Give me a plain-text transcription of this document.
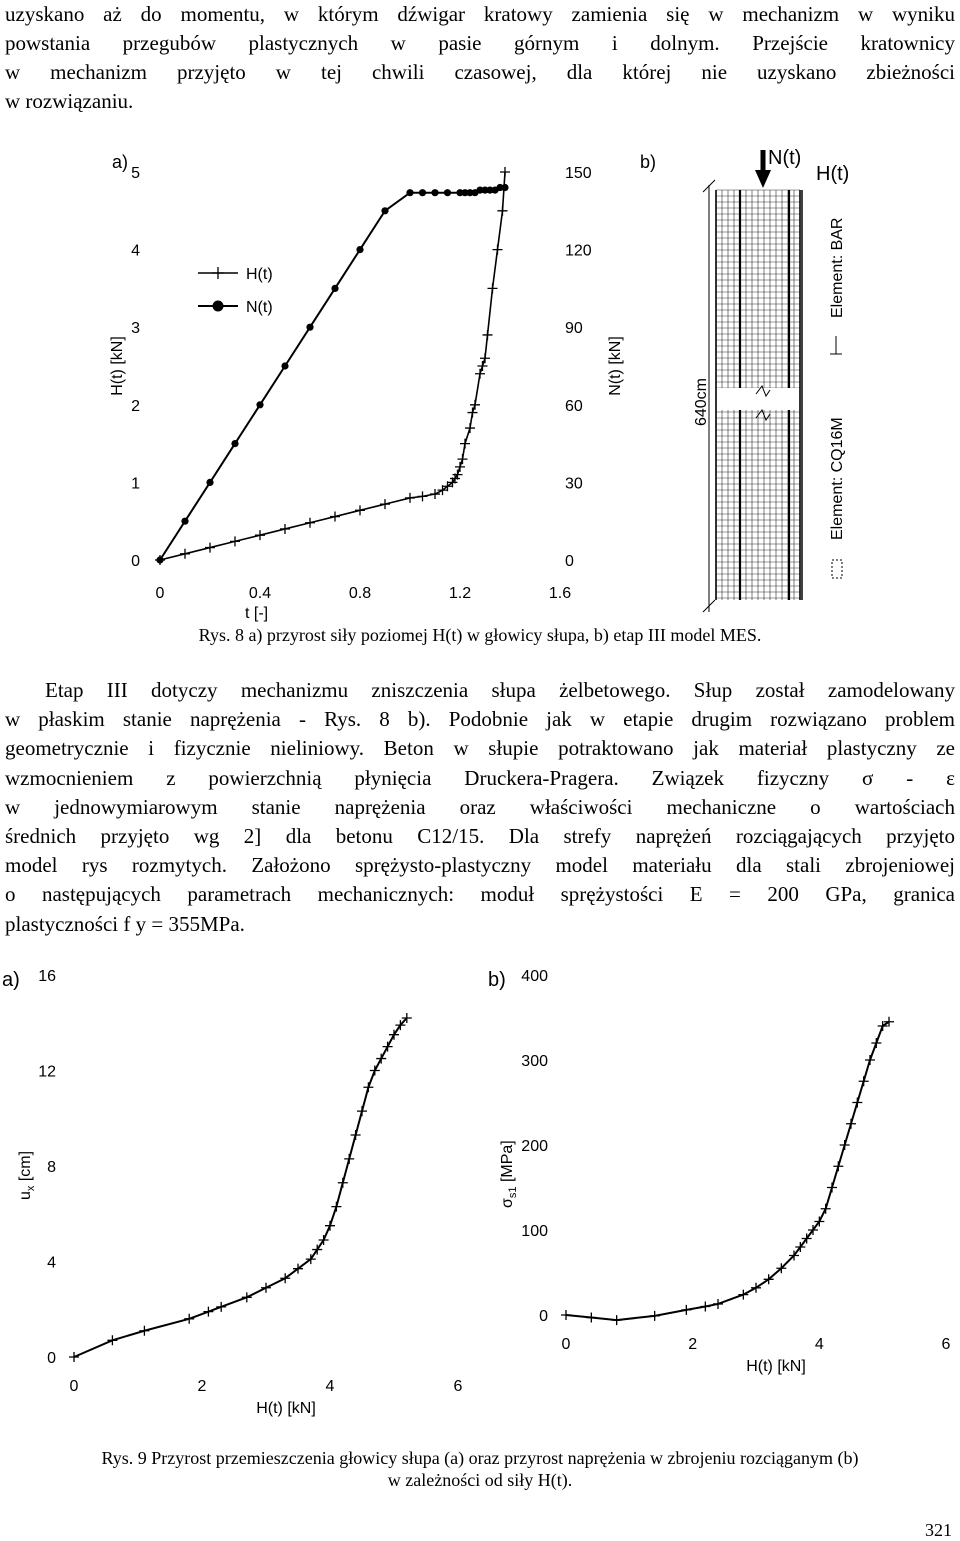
uzyskano aż do momentu, w którym dźwigar kratowy zamienia się w mechanizm w wyniku
powstania przegubów plastycznych w pasie górnym i dolnym. Przejście kratownicy
w mechanizm przyjęto w tej chwili czasowej, dla której nie uzyskano zbieżności
w rozwiązaniu.
a)
0
1
2
3
4
5
0
30
60
90
120
150
0	0.4	0.8	1.2	1.6
t [-]
H(t) [kN]	N(t) [kN]
H(t)
N(t)
b)
640cm
N(t)
H(t)
Element: BAR
Element: CQ16M
Rys. 8 a) przyrost siły poziomej H(t) w głowicy słupa, b) etap III model MES.
Etap III dotyczy mechanizmu zniszczenia słupa żelbetowego. Słup został zamodelowany
w płaskim stanie naprężenia - Rys. 8 b). Podobnie jak w etapie drugim rozwiązano problem
geometrycznie i fizycznie nieliniowy. Beton w słupie potraktowano jak materiał plastyczny ze
wzmocnieniem z powierzchnią płynięcia Druckera-Pragera. Związek fizyczny σ - ε
w jednowymiarowym stanie naprężenia oraz właściwości mechaniczne o wartościach
średnich przyjęto wg 2] dla betonu C12/15. Dla strefy naprężeń rozciągających przyjęto
model rys rozmytych. Założono sprężysto-plastyczny model materiału dla stali zbrojeniowej
o następujących parametrach mechanicznych: moduł sprężystości E = 200 GPa, granica
plastyczności f y = 355MPa.
a)
0
4
8
12
16
0	2	4	6
H(t) [kN]
$u_x$ [cm]
b)
0
100
200
300
400
0	2	4	6
H(t) [kN]
$\sigma_{s1}$ [MPa]
Rys. 9 Przyrost przemieszczenia głowicy słupa (a) oraz przyrost naprężenia w zbrojeniu rozciąganym (b)
w zależności od siły H(t).
321
